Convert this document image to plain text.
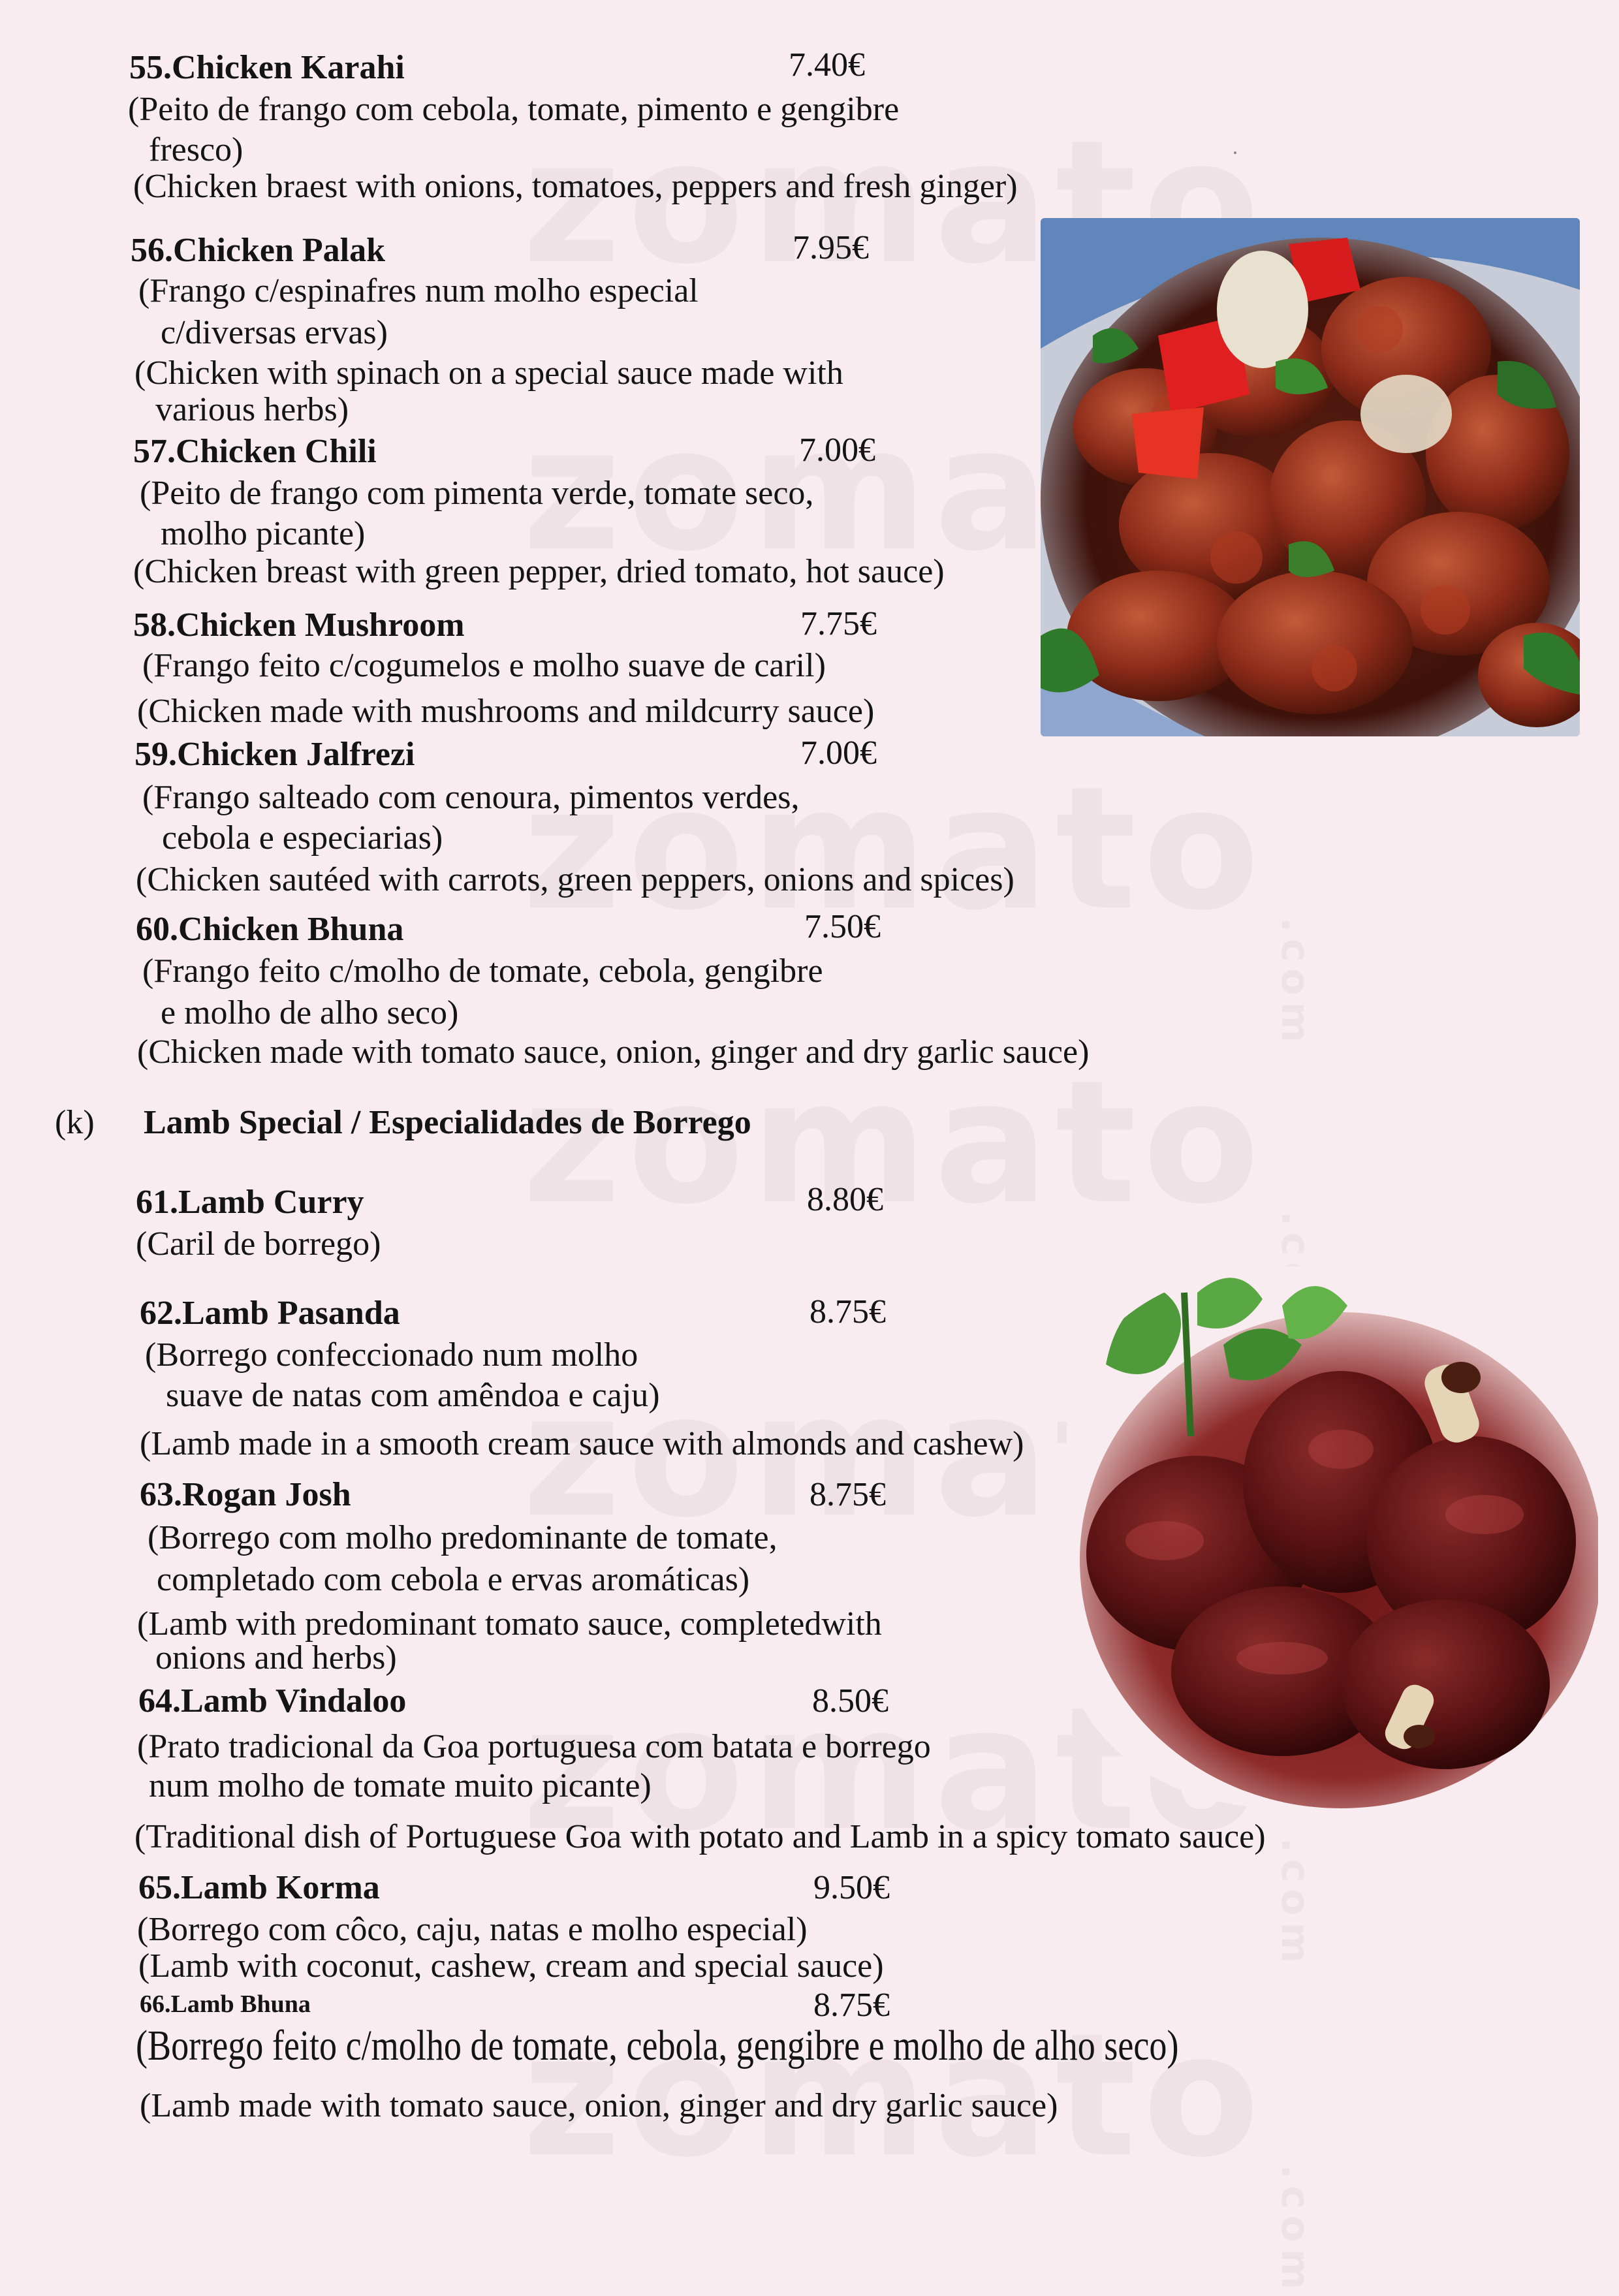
55.Chicken Karahi	7.40€
(Peito de frango com cebola, tomate, pimento e gengibre
fresco)
(Chicken braest with onions, tomatoes, peppers and fresh ginger)
56.Chicken Palak	7.95€
(Frango c/espinafres num molho especial
c/diversas ervas)
(Chicken with spinach on a special sauce made with
various herbs)
57.Chicken Chili	7.00€
(Peito de frango com pimenta verde, tomate seco,
molho picante)
(Chicken breast with green pepper, dried tomato, hot sauce)
58.Chicken Mushroom	7.75€
(Frango feito c/cogumelos e molho suave de caril)
(Chicken made with mushrooms and mildcurry sauce)
59.Chicken Jalfrezi	7.00€
(Frango salteado com cenoura, pimentos verdes,
cebola e especiarias)
(Chicken sautéed with carrots, green peppers, onions and spices)
60.Chicken Bhuna	7.50€
(Frango feito c/molho de tomate, cebola, gengibre
e molho de alho seco)
(Chicken made with tomato sauce, onion, ginger and dry garlic sauce)
(k) Lamb Special / Especialidades de Borrego
61.Lamb Curry	8.80€
(Caril de borrego)
62.Lamb Pasanda	8.75€
(Borrego confeccionado num molho
suave de natas com amêndoa e caju)
(Lamb made in a smooth cream sauce with almonds and cashew)
63.Rogan Josh	8.75€
(Borrego com molho predominante de tomate,
completado com cebola e ervas aromáticas)
(Lamb with predominant tomato sauce, completedwith
onions and herbs)
64.Lamb Vindaloo	8.50€
(Prato tradicional da Goa portuguesa com batata e borrego
num molho de tomate muito picante)
(Traditional dish of Portuguese Goa with potato and Lamb in a spicy tomato sauce)
65.Lamb Korma	9.50€
(Borrego com côco, caju, natas e molho especial)
(Lamb with coconut, cashew, cream and special sauce)
66.Lamb Bhuna	8.75€
(Borrego feito c/molho de tomate, cebola, gengibre e molho de alho seco)
(Lamb made with tomato sauce, onion, ginger and dry garlic sauce)
